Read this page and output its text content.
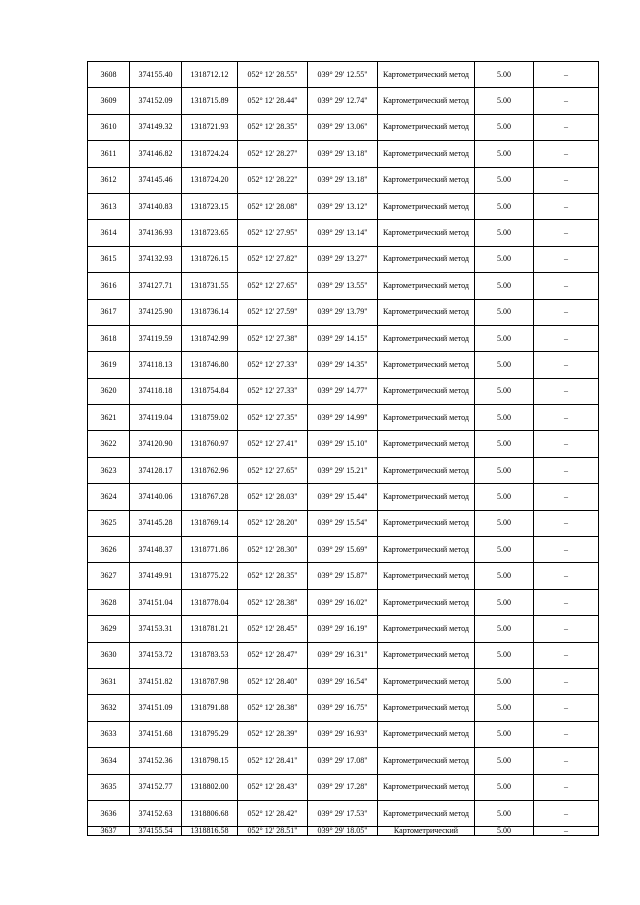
3608	374155.40	1318712.12	052° 12' 28.55"	039° 29' 12.55"	Картометрический метод	5.00	–
3609	374152.09	1318715.89	052° 12' 28.44"	039° 29' 12.74"	Картометрический метод	5.00	–
3610	374149.32	1318721.93	052° 12' 28.35"	039° 29' 13.06"	Картометрический метод	5.00	–
3611	374146.82	1318724.24	052° 12' 28.27"	039° 29' 13.18"	Картометрический метод	5.00	–
3612	374145.46	1318724.20	052° 12' 28.22"	039° 29' 13.18"	Картометрический метод	5.00	–
3613	374140.83	1318723.15	052° 12' 28.08"	039° 29' 13.12"	Картометрический метод	5.00	–
3614	374136.93	1318723.65	052° 12' 27.95"	039° 29' 13.14"	Картометрический метод	5.00	–
3615	374132.93	1318726.15	052° 12' 27.82"	039° 29' 13.27"	Картометрический метод	5.00	–
3616	374127.71	1318731.55	052° 12' 27.65"	039° 29' 13.55"	Картометрический метод	5.00	–
3617	374125.90	1318736.14	052° 12' 27.59"	039° 29' 13.79"	Картометрический метод	5.00	–
3618	374119.59	1318742.99	052° 12' 27.38"	039° 29' 14.15"	Картометрический метод	5.00	–
3619	374118.13	1318746.80	052° 12' 27.33"	039° 29' 14.35"	Картометрический метод	5.00	–
3620	374118.18	1318754.84	052° 12' 27.33"	039° 29' 14.77"	Картометрический метод	5.00	–
3621	374119.04	1318759.02	052° 12' 27.35"	039° 29' 14.99"	Картометрический метод	5.00	–
3622	374120.90	1318760.97	052° 12' 27.41"	039° 29' 15.10"	Картометрический метод	5.00	–
3623	374128.17	1318762.96	052° 12' 27.65"	039° 29' 15.21"	Картометрический метод	5.00	–
3624	374140.06	1318767.28	052° 12' 28.03"	039° 29' 15.44"	Картометрический метод	5.00	–
3625	374145.28	1318769.14	052° 12' 28.20"	039° 29' 15.54"	Картометрический метод	5.00	–
3626	374148.37	1318771.86	052° 12' 28.30"	039° 29' 15.69"	Картометрический метод	5.00	–
3627	374149.91	1318775.22	052° 12' 28.35"	039° 29' 15.87"	Картометрический метод	5.00	–
3628	374151.04	1318778.04	052° 12' 28.38"	039° 29' 16.02"	Картометрический метод	5.00	–
3629	374153.31	1318781.21	052° 12' 28.45"	039° 29' 16.19"	Картометрический метод	5.00	–
3630	374153.72	1318783.53	052° 12' 28.47"	039° 29' 16.31"	Картометрический метод	5.00	–
3631	374151.82	1318787.98	052° 12' 28.40"	039° 29' 16.54"	Картометрический метод	5.00	–
3632	374151.09	1318791.88	052° 12' 28.38"	039° 29' 16.75"	Картометрический метод	5.00	–
3633	374151.68	1318795.29	052° 12' 28.39"	039° 29' 16.93"	Картометрический метод	5.00	–
3634	374152.36	1318798.15	052° 12' 28.41"	039° 29' 17.08"	Картометрический метод	5.00	–
3635	374152.77	1318802.00	052° 12' 28.43"	039° 29' 17.28"	Картометрический метод	5.00	–
3636	374152.63	1318806.68	052° 12' 28.42"	039° 29' 17.53"	Картометрический метод	5.00	–
3637	374155.54	1318816.58	052° 12' 28.51"	039° 29' 18.05"	Картометрический	5.00	–
